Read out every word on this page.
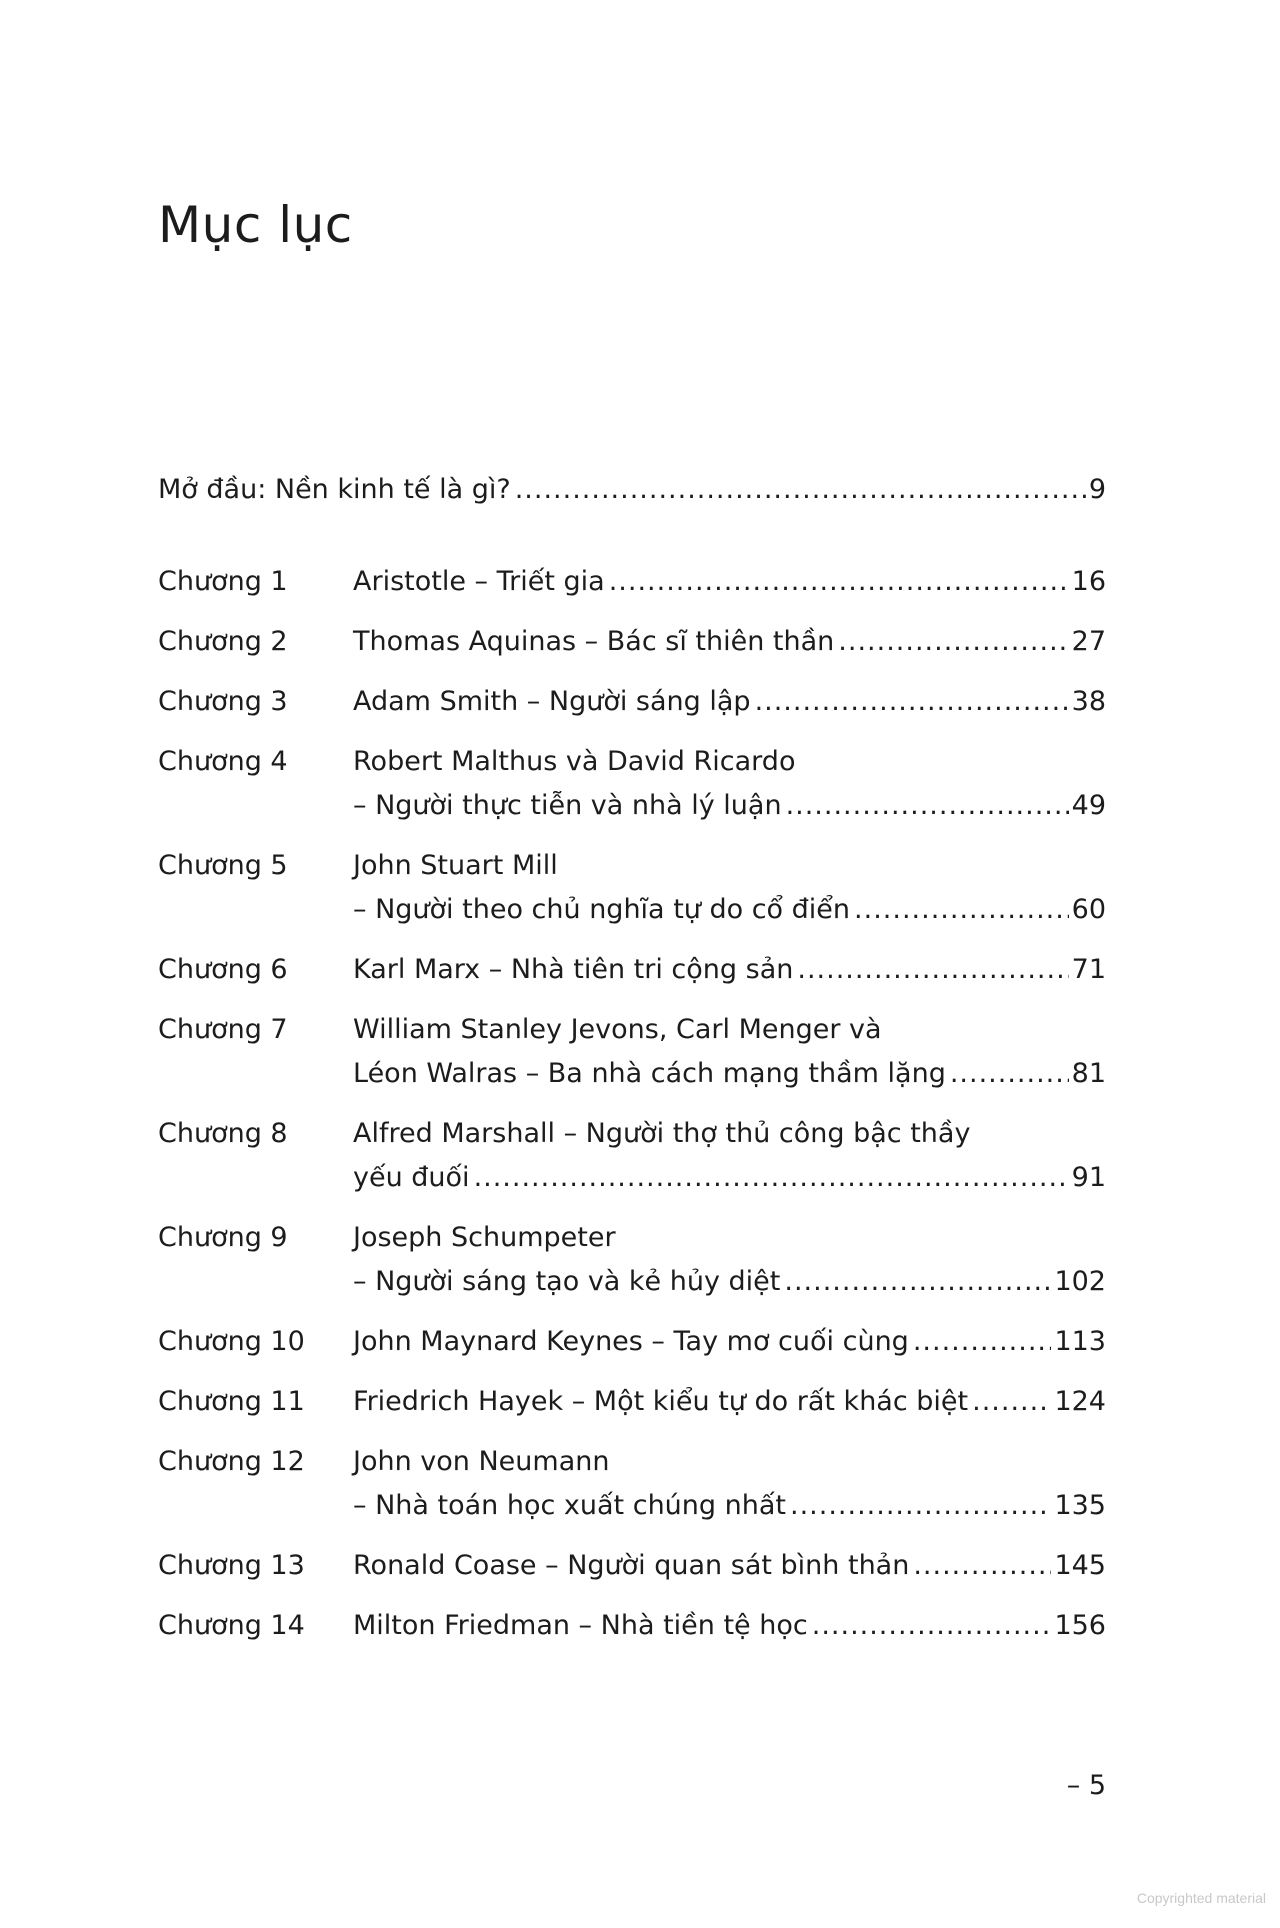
Mục lục
Mở đầu: Nền kinh tế là gì? .....	9
Chương 1	Aristotle – Triết gia .....	16
Chương 2	Thomas Aquinas – Bác sĩ thiên thần .....	27
Chương 3	Adam Smith – Người sáng lập .....	38
Chương 4	Robert Malthus và David Ricardo
– Người thực tiễn và nhà lý luận .....	49
Chương 5	John Stuart Mill
– Người theo chủ nghĩa tự do cổ điển .....	60
Chương 6	Karl Marx – Nhà tiên tri cộng sản .....	71
Chương 7	William Stanley Jevons, Carl Menger và
Léon Walras – Ba nhà cách mạng thầm lặng .....	81
Chương 8	Alfred Marshall – Người thợ thủ công bậc thầy
yếu đuối .....	91
Chương 9	Joseph Schumpeter
– Người sáng tạo và kẻ hủy diệt .....	102
Chương 10	John Maynard Keynes – Tay mơ cuối cùng .....	113
Chương 11	Friedrich Hayek – Một kiểu tự do rất khác biệt .....	124
Chương 12	John von Neumann
– Nhà toán học xuất chúng nhất .....	135
Chương 13	Ronald Coase – Người quan sát bình thản .....	145
Chương 14	Milton Friedman – Nhà tiền tệ học .....	156
– 5
Copyrighted material
